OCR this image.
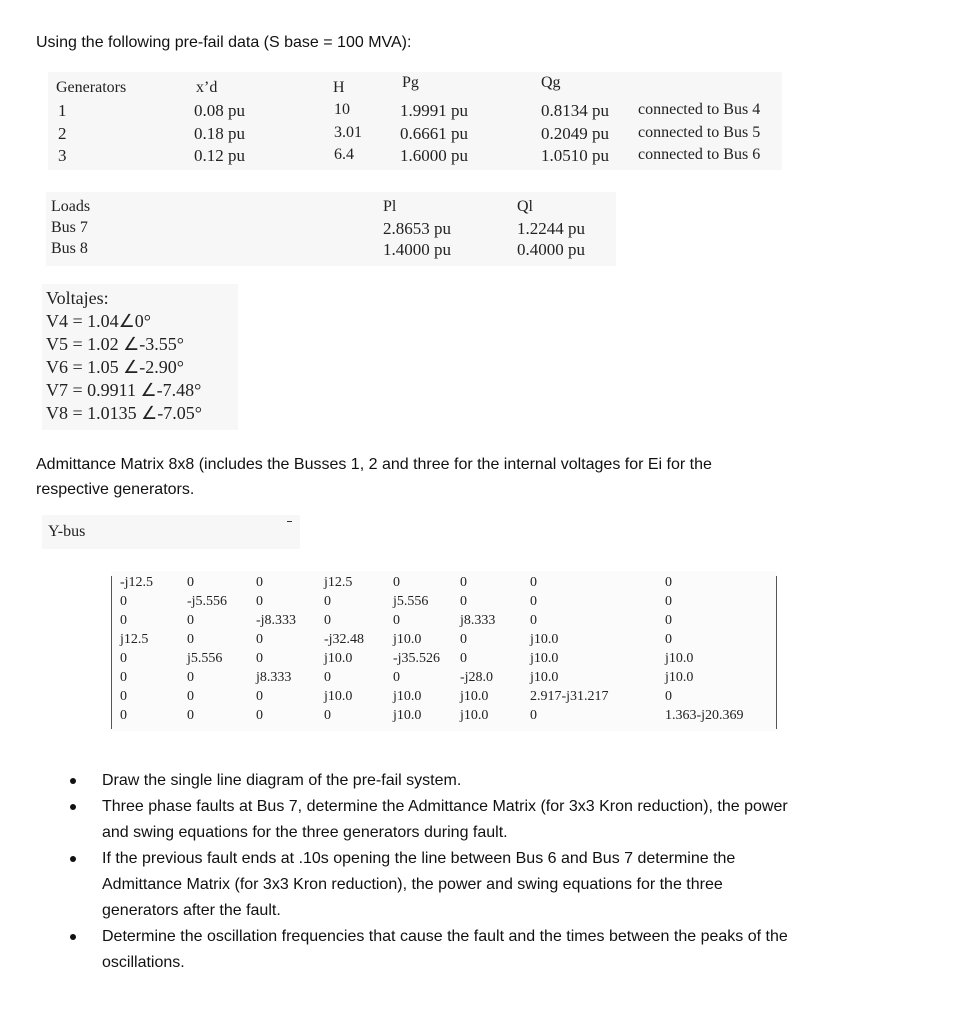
Using the following pre-fail data (S base = 100 MVA):
Generators	x’d	H	Pg	Qg
1	0.08 pu	10	1.9991 pu	0.8134 pu connected to Bus 4
2	0.18 pu	3.01 0.6661 pu	0.2049 pu connected to Bus 5
3	0.12 pu	6.4	1.6000 pu	1.0510 pu connected to Bus 6
Loads	Pl	Ql
Bus 7	2.8653 pu	1.2244 pu
Bus 8	1.4000 pu	0.4000 pu
Voltajes:
V4 = 1.04∠0°
V5 = 1.02 ∠-3.55°
V6 = 1.05 ∠-2.90°
V7 = 0.9911 ∠-7.48°
V8 = 1.0135 ∠-7.05°
Admittance Matrix 8x8 (includes the Busses 1, 2 and three for the internal voltages for Ei for the
respective generators.
Y-bus
-j12.5 0	0	j12.5	0	0	0	0
0	-j5.556 0	0	j5.556 0	0	0
0	0	-j8.333 0	0	j8.333 0	0
j12.5	0	0	-j32.48 j10.0	0	j10.0	0
0	j5.556 0	j10.0	-j35.526 0	j10.0	j10.0
0	0	j8.333 0	0	-j28.0	j10.0	j10.0
0	0	0	j10.0	j10.0	j10.0	2.917-j31.217	0
0	0	0	0	j10.0	j10.0	0	1.363-j20.369
Draw the single line diagram of the pre-fail system.
Three phase faults at Bus 7, determine the Admittance Matrix (for 3x3 Kron reduction), the power and swing equations for the three generators during fault.
If the previous fault ends at .10s opening the line between Bus 6 and Bus 7 determine the Admittance Matrix (for 3x3 Kron reduction), the power and swing equations for the three generators after the fault.
Determine the oscillation frequencies that cause the fault and the times between the peaks of the oscillations.
